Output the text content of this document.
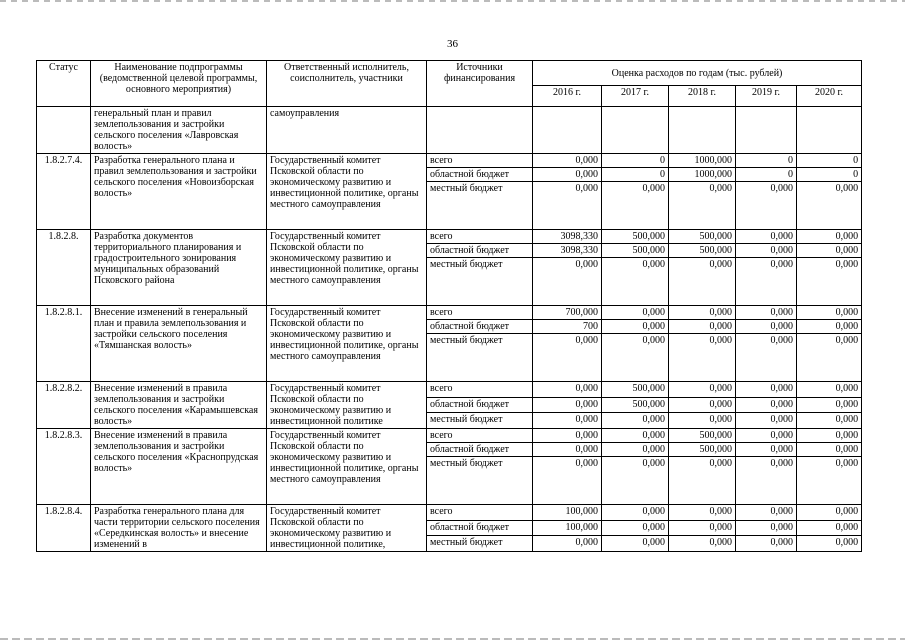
36
Статус	Наименование подпрограммы (ведомственной целевой программы, основного мероприятия)	Ответственный исполнитель, соисполнитель, участники	Источники финансирования	Оценка расходов по годам (тыс. рублей)				
				2016 г.	2017 г.	2018 г.	2019 г.	2020 г.
	генеральный план и правил землепользования и застройки сельского поселения «Лавровская волость»	самоуправления						
1.8.2.7.4.	Разработка генерального плана и правил землепользования и застройки сельского поселения «Новоизборская волость»	Государственный комитет Псковской области по экономическому развитию и инвестиционной политике, органы местного самоуправления	всего	0,000	0	1000,000	0	0
			областной бюджет	0,000	0	1000,000	0	0
			местный бюджет	0,000	0,000	0,000	0,000	0,000
1.8.2.8.	Разработка документов территориального планирования и градостроительного зонирования муниципальных образований Псковского района	Государственный комитет Псковской области по экономическому развитию и инвестиционной политике, органы местного самоуправления	всего	3098,330	500,000	500,000	0,000	0,000
			областной бюджет	3098,330	500,000	500,000	0,000	0,000
			местный бюджет	0,000	0,000	0,000	0,000	0,000
1.8.2.8.1.	Внесение изменений в генеральный план и правила землепользования и застройки сельского поселения «Тямшанская волость»	Государственный комитет Псковской области по экономическому развитию и инвестиционной политике, органы местного самоуправления	всего	700,000	0,000	0,000	0,000	0,000
			областной бюджет	700	0,000	0,000	0,000	0,000
			местный бюджет	0,000	0,000	0,000	0,000	0,000
1.8.2.8.2.	Внесение изменений в правила землепользования и застройки сельского поселения «Карамышевская волость»	Государственный комитет Псковской области по экономическому развитию и инвестиционной политике	всего	0,000	500,000	0,000	0,000	0,000
			областной бюджет	0,000	500,000	0,000	0,000	0,000
			местный бюджет	0,000	0,000	0,000	0,000	0,000
1.8.2.8.3.	Внесение изменений в правила землепользования и застройки сельского поселения «Краснопрудская волость»	Государственный комитет Псковской области по экономическому развитию и инвестиционной политике, органы местного самоуправления	всего	0,000	0,000	500,000	0,000	0,000
			областной бюджет	0,000	0,000	500,000	0,000	0,000
			местный бюджет	0,000	0,000	0,000	0,000	0,000
1.8.2.8.4.	Разработка генерального плана для части территории сельского поселения «Середкинская волость» и внесение изменений в	Государственный комитет Псковской области по экономическому развитию и инвестиционной политике,	всего	100,000	0,000	0,000	0,000	0,000
			областной бюджет	100,000	0,000	0,000	0,000	0,000
			местный бюджет	0,000	0,000	0,000	0,000	0,000
